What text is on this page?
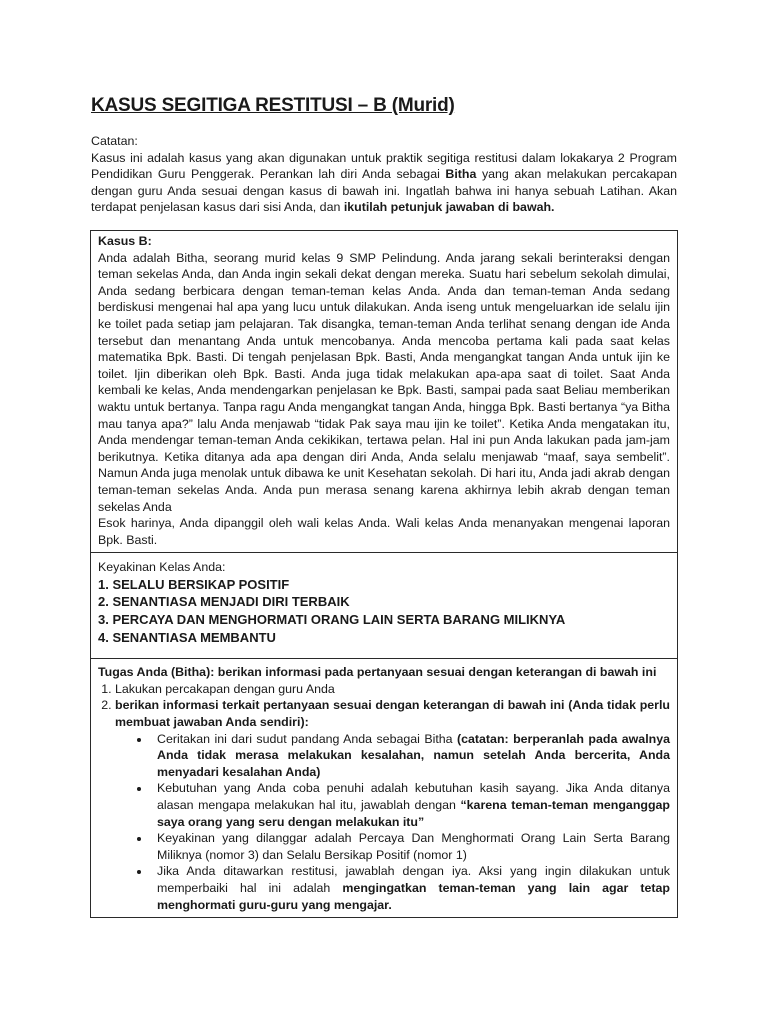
KASUS SEGITIGA RESTITUSI – B (Murid)

Catatan:

Kasus ini adalah kasus yang akan digunakan untuk praktik segitiga restitusi dalam lokakarya 2 Program Pendidikan Guru Penggerak. Perankan lah diri Anda sebagai Bitha yang akan melakukan percakapan dengan guru Anda sesuai dengan kasus di bawah ini. Ingatlah bahwa ini hanya sebuah Latihan. Akan terdapat penjelasan kasus dari sisi Anda, dan ikutilah petunjuk jawaban di bawah.

Kasus B:

Anda adalah Bitha, seorang murid kelas 9 SMP Pelindung. Anda jarang sekali berinteraksi dengan teman sekelas Anda, dan Anda ingin sekali dekat dengan mereka. Suatu hari sebelum sekolah dimulai, Anda sedang berbicara dengan teman-teman kelas Anda. Anda dan teman-teman Anda sedang berdiskusi mengenai hal apa yang lucu untuk dilakukan. Anda iseng untuk mengeluarkan ide selalu ijin ke toilet pada setiap jam pelajaran. Tak disangka, teman-teman Anda terlihat senang dengan ide Anda tersebut dan menantang Anda untuk mencobanya. Anda mencoba pertama kali pada saat kelas matematika Bpk. Basti. Di tengah penjelasan Bpk. Basti, Anda mengangkat tangan Anda untuk ijin ke toilet. Ijin diberikan oleh Bpk. Basti. Anda juga tidak melakukan apa-apa saat di toilet. Saat Anda kembali ke kelas, Anda mendengarkan penjelasan ke Bpk. Basti, sampai pada saat Beliau memberikan waktu untuk bertanya. Tanpa ragu Anda mengangkat tangan Anda, hingga Bpk. Basti bertanya “ya Bitha mau tanya apa?” lalu Anda menjawab “tidak Pak saya mau ijin ke toilet”. Ketika Anda mengatakan itu, Anda mendengar teman-teman Anda cekikikan, tertawa pelan. Hal ini pun Anda lakukan pada jam-jam berikutnya. Ketika ditanya ada apa dengan diri Anda, Anda selalu menjawab “maaf, saya sembelit”. Namun Anda juga menolak untuk dibawa ke unit Kesehatan sekolah. Di hari itu, Anda jadi akrab dengan teman-teman sekelas Anda. Anda pun merasa senang karena akhirnya lebih akrab dengan teman sekelas Anda

Esok harinya, Anda dipanggil oleh wali kelas Anda. Wali kelas Anda menanyakan mengenai laporan Bpk. Basti.

Keyakinan Kelas Anda:
1. SELALU BERSIKAP POSITIF
2. SENANTIASA MENJADI DIRI TERBAIK
3. PERCAYA DAN MENGHORMATI ORANG LAIN SERTA BARANG MILIKNYA
4. SENANTIASA MEMBANTU

Tugas Anda (Bitha): berikan informasi pada pertanyaan sesuai dengan keterangan di bawah ini
1. Lakukan percakapan dengan guru Anda
2. berikan informasi terkait pertanyaan sesuai dengan keterangan di bawah ini (Anda tidak perlu membuat jawaban Anda sendiri):
• Ceritakan ini dari sudut pandang Anda sebagai Bitha (catatan: berperanlah pada awalnya Anda tidak merasa melakukan kesalahan, namun setelah Anda bercerita, Anda menyadari kesalahan Anda)
• Kebutuhan yang Anda coba penuhi adalah kebutuhan kasih sayang. Jika Anda ditanya alasan mengapa melakukan hal itu, jawablah dengan “karena teman-teman menganggap saya orang yang seru dengan melakukan itu”
• Keyakinan yang dilanggar adalah Percaya Dan Menghormati Orang Lain Serta Barang Miliknya (nomor 3) dan Selalu Bersikap Positif (nomor 1)
• Jika Anda ditawarkan restitusi, jawablah dengan iya. Aksi yang ingin dilakukan untuk memperbaiki hal ini adalah mengingatkan teman-teman yang lain agar tetap menghormati guru-guru yang mengajar.
